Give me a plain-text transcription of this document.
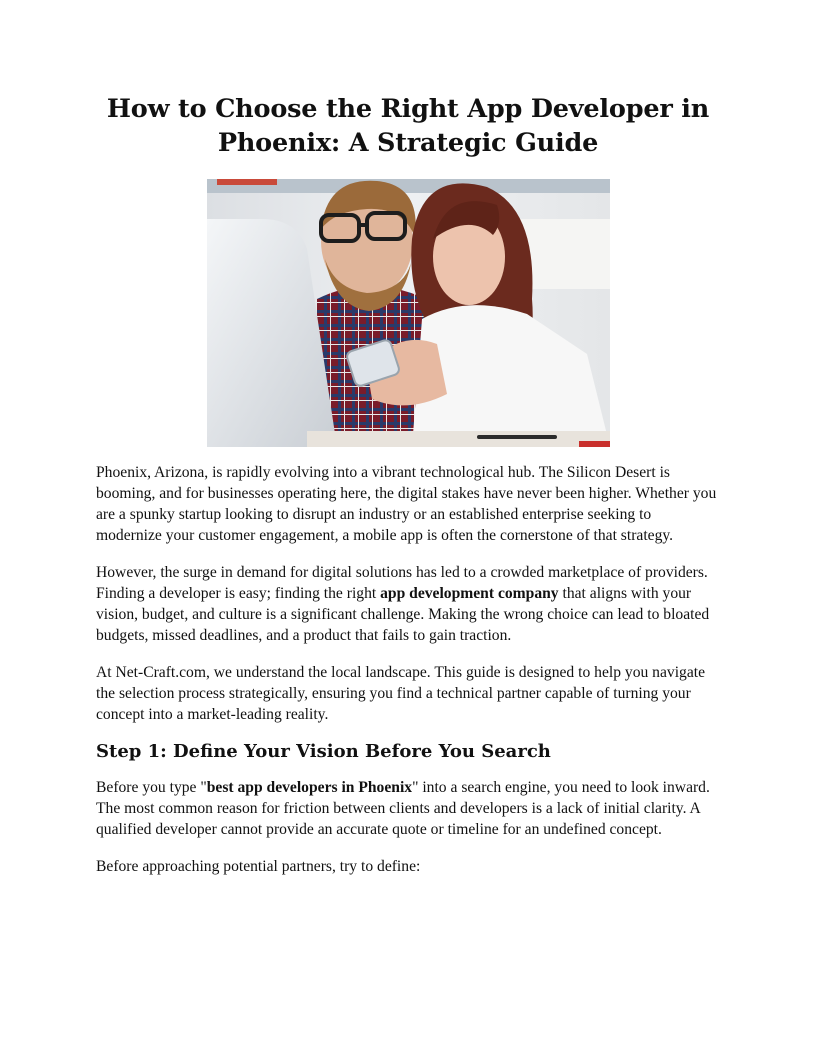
How to Choose the Right App Developer in Phoenix: A Strategic Guide

Phoenix, Arizona, is rapidly evolving into a vibrant technological hub. The Silicon Desert is booming, and for businesses operating here, the digital stakes have never been higher. Whether you are a spunky startup looking to disrupt an industry or an established enterprise seeking to modernize your customer engagement, a mobile app is often the cornerstone of that strategy.

However, the surge in demand for digital solutions has led to a crowded marketplace of providers. Finding a developer is easy; finding the right app development company that aligns with your vision, budget, and culture is a significant challenge. Making the wrong choice can lead to bloated budgets, missed deadlines, and a product that fails to gain traction.

At Net-Craft.com, we understand the local landscape. This guide is designed to help you navigate the selection process strategically, ensuring you find a technical partner capable of turning your concept into a market-leading reality.

Step 1: Define Your Vision Before You Search

Before you type "best app developers in Phoenix" into a search engine, you need to look inward. The most common reason for friction between clients and developers is a lack of initial clarity. A qualified developer cannot provide an accurate quote or timeline for an undefined concept.

Before approaching potential partners, try to define:
